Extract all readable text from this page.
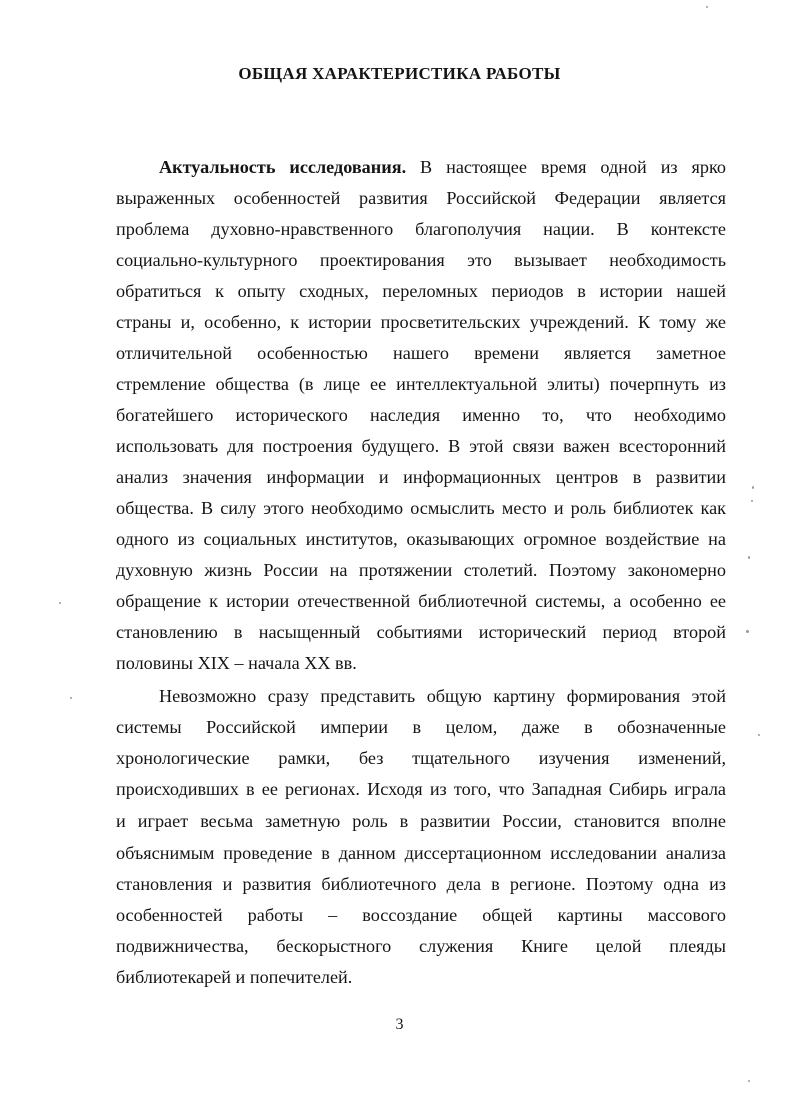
ОБЩАЯ ХАРАКТЕРИСТИКА РАБОТЫ
Актуальность исследования. В настоящее время одной из ярко
выраженных особенностей развития Российской Федерации является
проблема духовно-нравственного благополучия нации. В контексте
социально-культурного проектирования это вызывает необходимость
обратиться к опыту сходных, переломных периодов в истории нашей
страны и, особенно, к истории просветительских учреждений. К тому же
отличительной особенностью нашего времени является заметное
стремление общества (в лице ее интеллектуальной элиты) почерпнуть из
богатейшего исторического наследия именно то, что необходимо
использовать для построения будущего. В этой связи важен всесторонний
анализ значения информации и информационных центров в развитии
общества. В силу этого необходимо осмыслить место и роль библиотек как
одного из социальных институтов, оказывающих огромное воздействие на
духовную жизнь России на протяжении столетий. Поэтому закономерно
обращение к истории отечественной библиотечной системы, а особенно ее
становлению в насыщенный событиями исторический период второй
половины XIX – начала XX вв.
Невозможно сразу представить общую картину формирования этой
системы Российской империи в целом, даже в обозначенные
хронологические рамки, без тщательного изучения изменений,
происходивших в ее регионах. Исходя из того, что Западная Сибирь играла
и играет весьма заметную роль в развитии России, становится вполне
объяснимым проведение в данном диссертационном исследовании анализа
становления и развития библиотечного дела в регионе. Поэтому одна из
особенностей работы – воссоздание общей картины массового
подвижничества, бескорыстного служения Книге целой плеяды
библиотекарей и попечителей.
3
